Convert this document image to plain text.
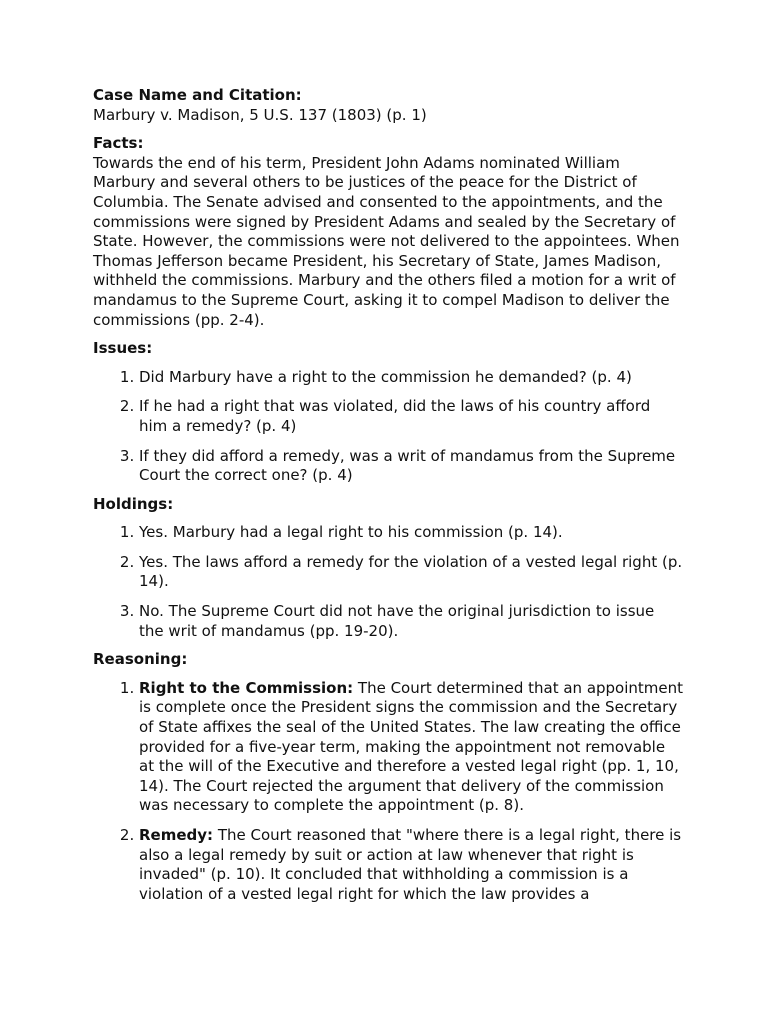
Case Name and Citation:

Marbury v. Madison, 5 U.S. 137 (1803) (p. 1)

Facts:

Towards the end of his term, President John Adams nominated William Marbury and several others to be justices of the peace for the District of Columbia. The Senate advised and consented to the appointments, and the commissions were signed by President Adams and sealed by the Secretary of State. However, the commissions were not delivered to the appointees. When Thomas Jefferson became President, his Secretary of State, James Madison, withheld the commissions. Marbury and the others filed a motion for a writ of mandamus to the Supreme Court, asking it to compel Madison to deliver the commissions (pp. 2-4).

Issues:

1. Did Marbury have a right to the commission he demanded? (p. 4)
2. If he had a right that was violated, did the laws of his country afford him a remedy? (p. 4)
3. If they did afford a remedy, was a writ of mandamus from the Supreme Court the correct one? (p. 4)

Holdings:

1. Yes. Marbury had a legal right to his commission (p. 14).
2. Yes. The laws afford a remedy for the violation of a vested legal right (p. 14).
3. No. The Supreme Court did not have the original jurisdiction to issue the writ of mandamus (pp. 19-20).

Reasoning:

1. Right to the Commission: The Court determined that an appointment is complete once the President signs the commission and the Secretary of State affixes the seal of the United States. The law creating the office provided for a five-year term, making the appointment not removable at the will of the Executive and therefore a vested legal right (pp. 1, 10, 14). The Court rejected the argument that delivery of the commission was necessary to complete the appointment (p. 8).
2. Remedy: The Court reasoned that "where there is a legal right, there is also a legal remedy by suit or action at law whenever that right is invaded" (p. 10). It concluded that withholding a commission is a violation of a vested legal right for which the law provides a
